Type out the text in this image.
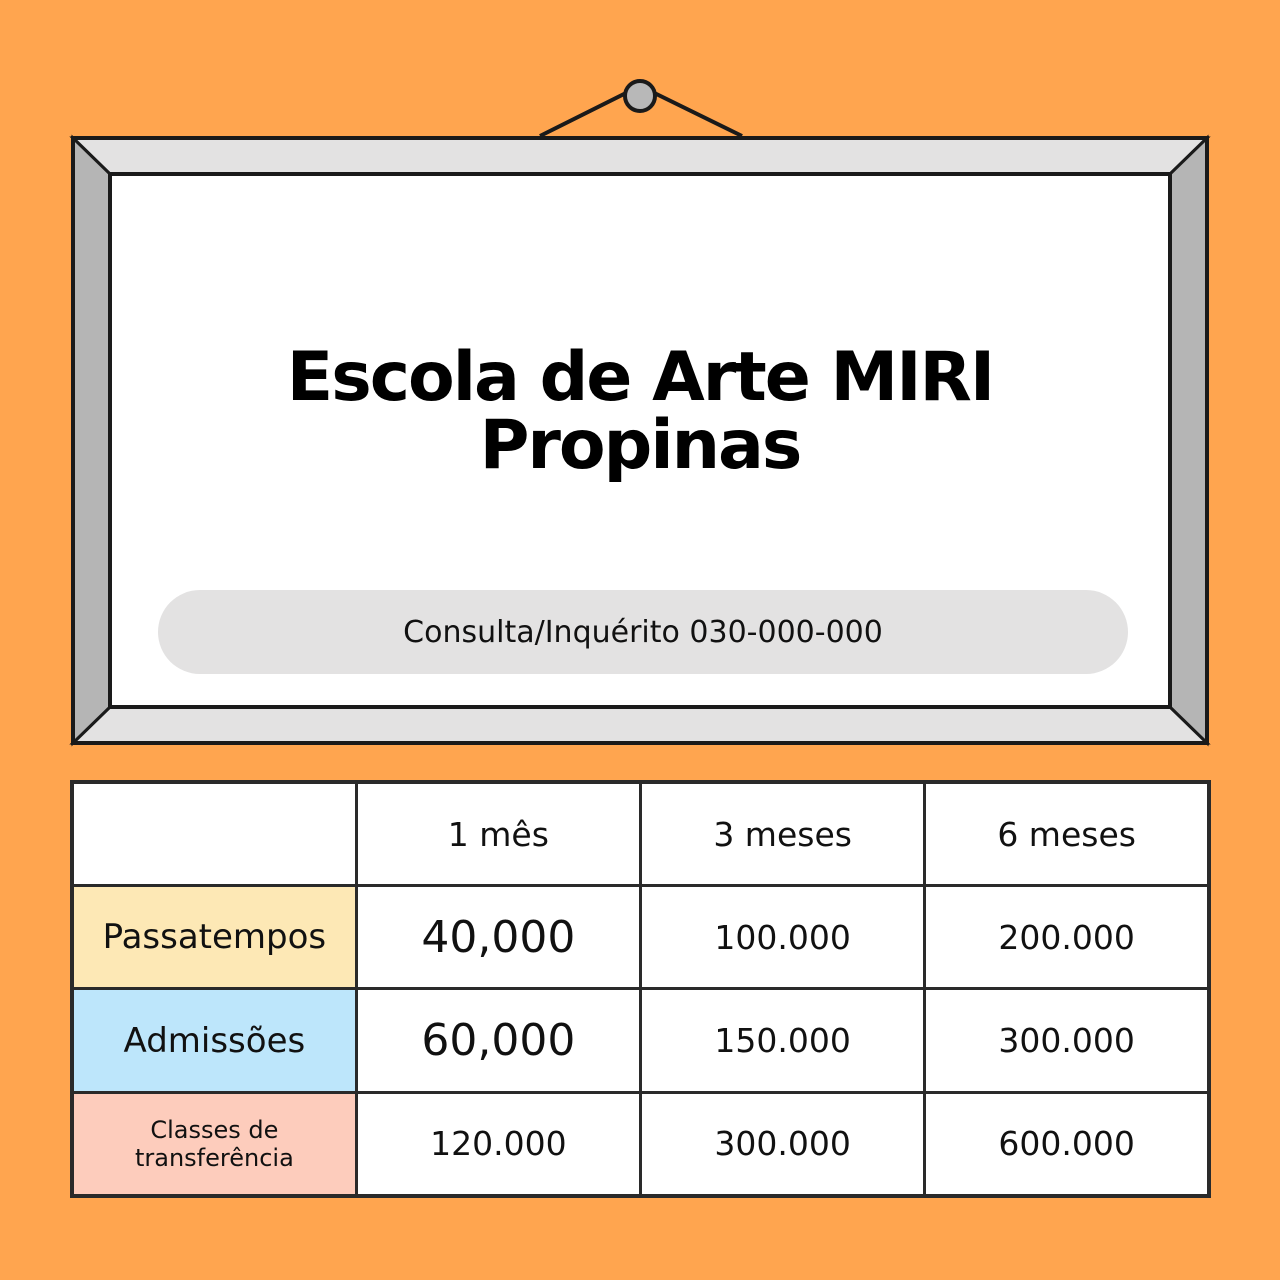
Escola de Arte MIRI
Propinas
Consulta/Inquérito 030-000-000
	1 mês	3 meses	6 meses
Passatempos	40,000	100.000	200.000
Admissões	60,000	150.000	300.000
Classes de transferência	120.000	300.000	600.000
